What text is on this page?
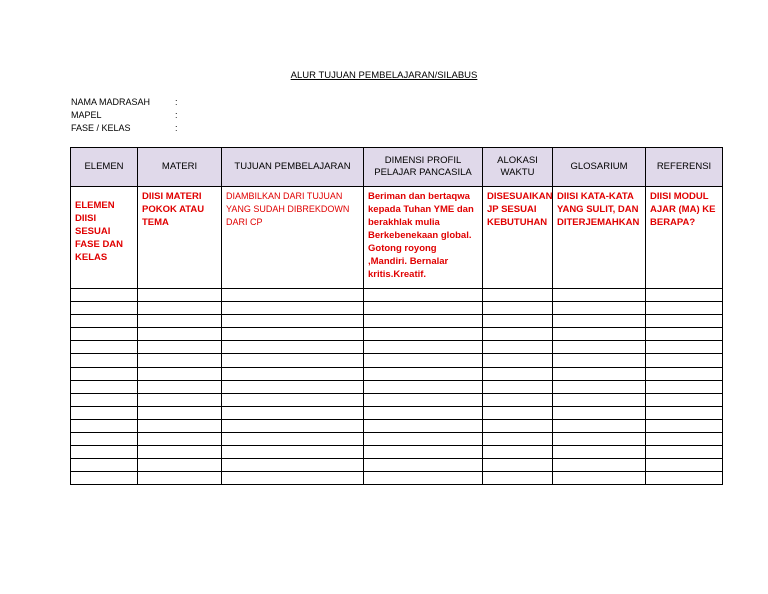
ALUR TUJUAN PEMBELAJARAN/SILABUS
NAMA MADRASAH	:
MAPEL	:
FASE / KELAS	:
ELEMEN	MATERI	TUJUAN PEMBELAJARAN	DIMENSI PROFIL PELAJAR PANCASILA	ALOKASI WAKTU	GLOSARIUM	REFERENSI
ELEMEN DIISI SESUAI FASE DAN KELAS	DIISI MATERI POKOK ATAU TEMA	DIAMBILKAN DARI TUJUAN YANG SUDAH DIBREKDOWN DARI CP	Beriman dan bertaqwa kepada Tuhan YME dan berakhlak mulia Berkebenekaan global. Gotong royong ,Mandiri. Bernalar kritis.Kreatif.	DISESUAIKAN JP SESUAI KEBUTUHAN	DIISI KATA-KATA YANG SULIT, DAN DITERJEMAHKAN	DIISI MODUL AJAR (MA) KE BERAPA?
